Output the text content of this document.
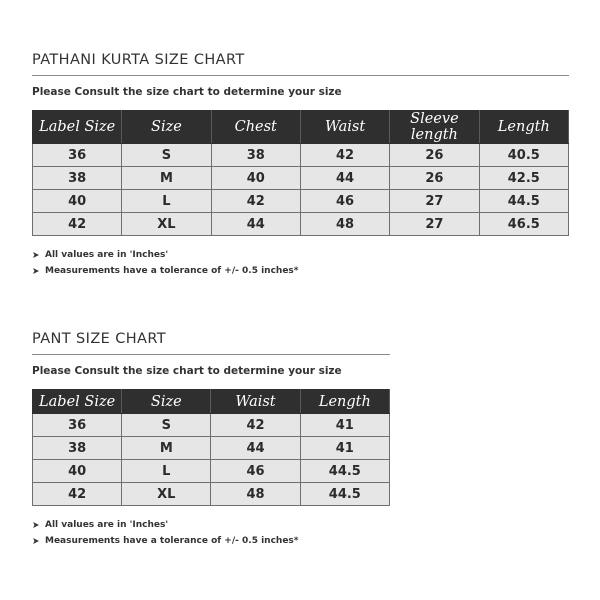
PATHANI KURTA SIZE CHART
Please Consult the size chart to determine your size
Label Size	Size	Chest	Waist	Sleeve length	Length
36	S	38	42	26	40.5
38	M	40	44	26	42.5
40	L	42	46	27	44.5
42	XL	44	48	27	46.5
All values are in 'Inches'
Measurements have a tolerance of +/- 0.5 inches*
PANT SIZE CHART
Please Consult the size chart to determine your size
Label Size	Size	Waist	Length
36	S	42	41
38	M	44	41
40	L	46	44.5
42	XL	48	44.5
All values are in 'Inches'
Measurements have a tolerance of +/- 0.5 inches*
